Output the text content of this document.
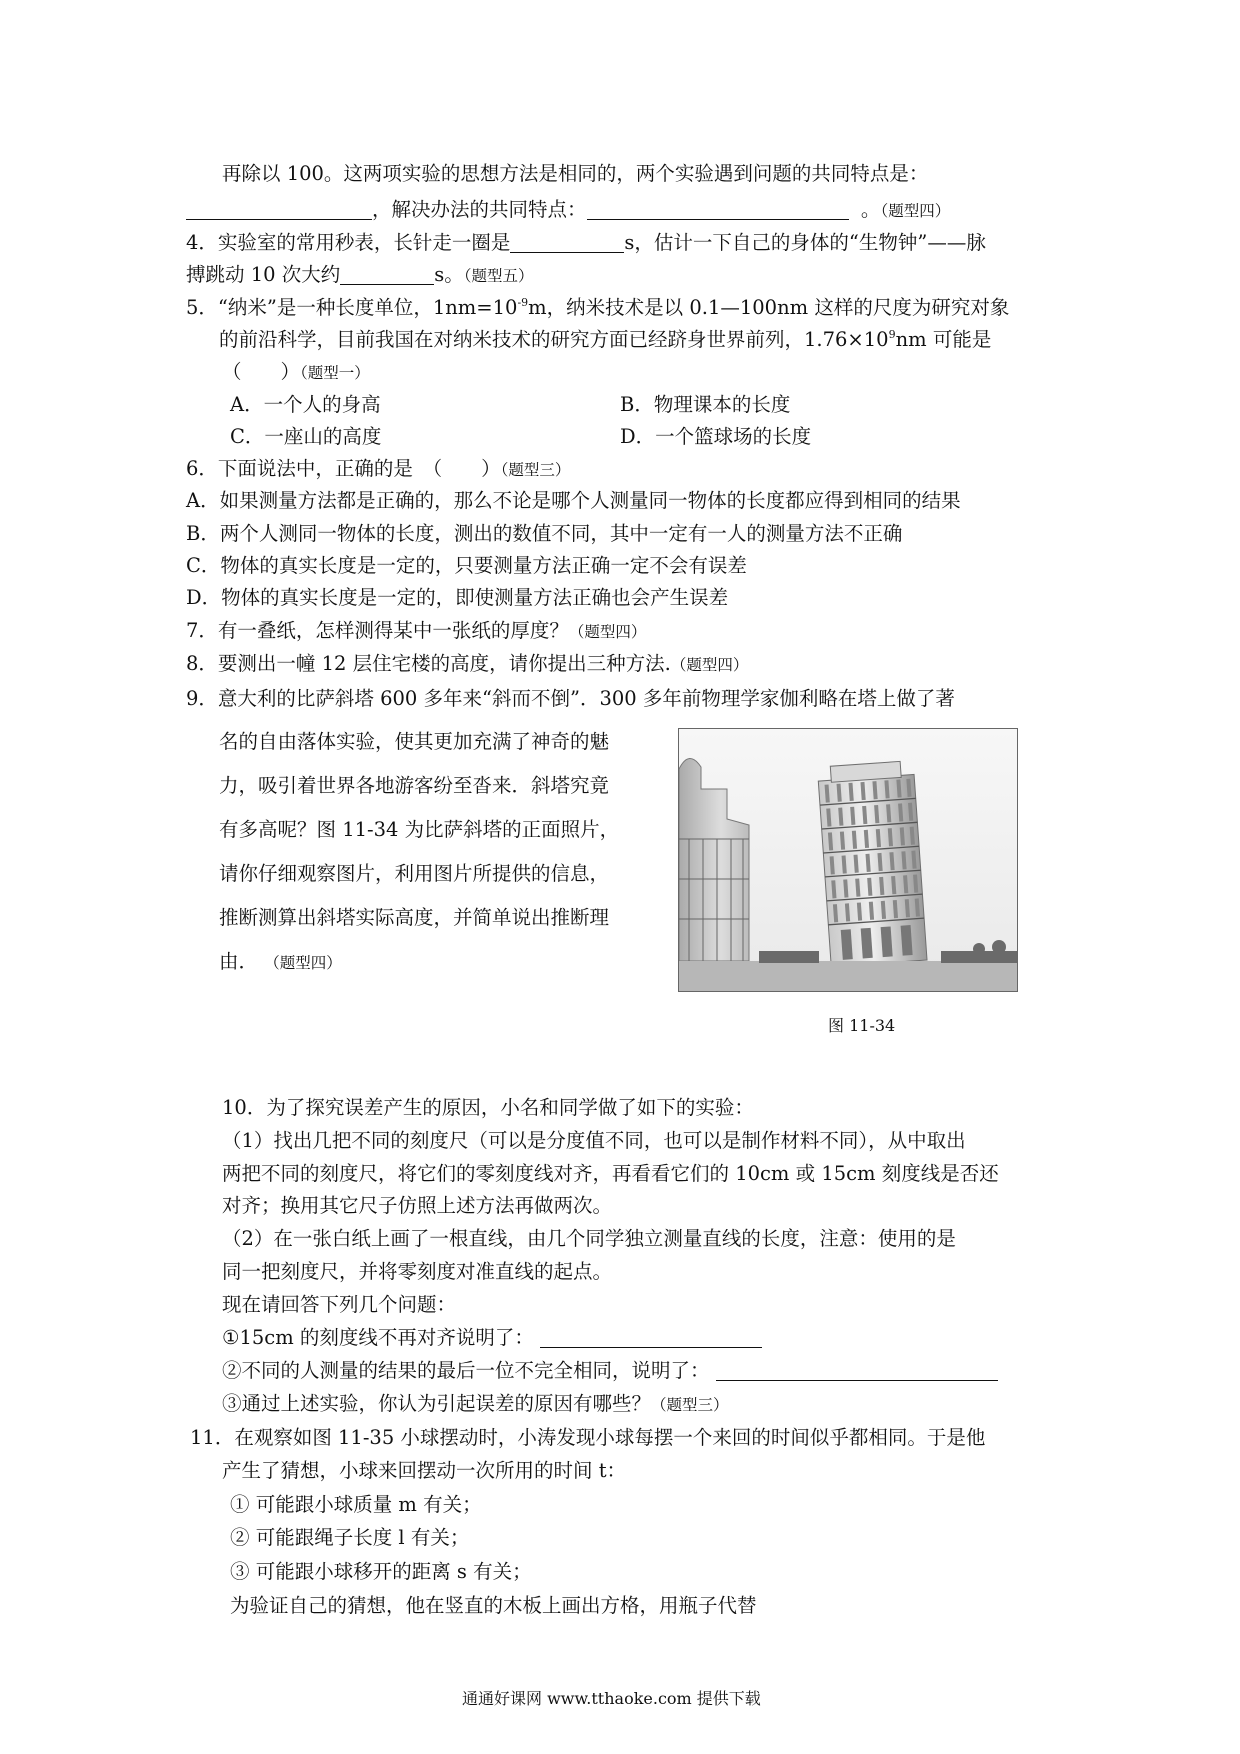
再除以 100。这两项实验的思想方法是相同的，两个实验遇到问题的共同特点是：
，解决办法的共同特点：	。（题型四）
4．实验室的常用秒表，长针走一圈是	s，估计一下自己的身体的“生物钟”——脉
搏跳动 10 次大约	s。（题型五）
5．“纳米”是一种长度单位，$1nm=10^{-9}m$，纳米技术是以 0.1—100nm 这样的尺度为研究对象
的前沿科学，目前我国在对纳米技术的研究方面已经跻身世界前列，$1.76\times 10^9nm$ 可能是
（　　）（题型一）
A．一个人的身高	B．物理课本的长度
C．一座山的高度	D．一个篮球场的长度
6．下面说法中，正确的是　（　　）（题型三）
A．如果测量方法都是正确的，那么不论是哪个人测量同一物体的长度都应得到相同的结果
B．两个人测同一物体的长度，测出的数值不同，其中一定有一人的测量方法不正确
C．物体的真实长度是一定的，只要测量方法正确一定不会有误差
D．物体的真实长度是一定的，即使测量方法正确也会产生误差
7．有一叠纸，怎样测得某中一张纸的厚度？（题型四）
8．要测出一幢 12 层住宅楼的高度，请你提出三种方法.（题型四）
9．意大利的比萨斜塔 600 多年来“斜而不倒”．300 多年前物理学家伽利略在塔上做了著
名的自由落体实验，使其更加充满了神奇的魅
力，吸引着世界各地游客纷至沓来．斜塔究竟
有多高呢？图 11-34 为比萨斜塔的正面照片，
请你仔细观察图片，利用图片所提供的信息，
推断测算出斜塔实际高度，并简单说出推断理
由． （题型四）
图 11-34
10．为了探究误差产生的原因，小名和同学做了如下的实验：
（1）找出几把不同的刻度尺（可以是分度值不同，也可以是制作材料不同），从中取出
两把不同的刻度尺，将它们的零刻度线对齐，再看看它们的 10cm 或 15cm 刻度线是否还
对齐；换用其它尺子仿照上述方法再做两次。
（2）在一张白纸上画了一根直线，由几个同学独立测量直线的长度，注意：使用的是
同一把刻度尺，并将零刻度对准直线的起点。
现在请回答下列几个问题：
①15cm 的刻度线不再对齐说明了：
②不同的人测量的结果的最后一位不完全相同，说明了：
③通过上述实验，你认为引起误差的原因有哪些？（题型三）
11．在观察如图 11-35 小球摆动时，小涛发现小球每摆一个来回的时间似乎都相同。于是他
产生了猜想，小球来回摆动一次所用的时间 t：
① 可能跟小球质量 m 有关；
② 可能跟绳子长度 l 有关；
③ 可能跟小球移开的距离 s 有关；
为验证自己的猜想，他在竖直的木板上画出方格，用瓶子代替
通通好课网 www.tthaoke.com 提供下载
